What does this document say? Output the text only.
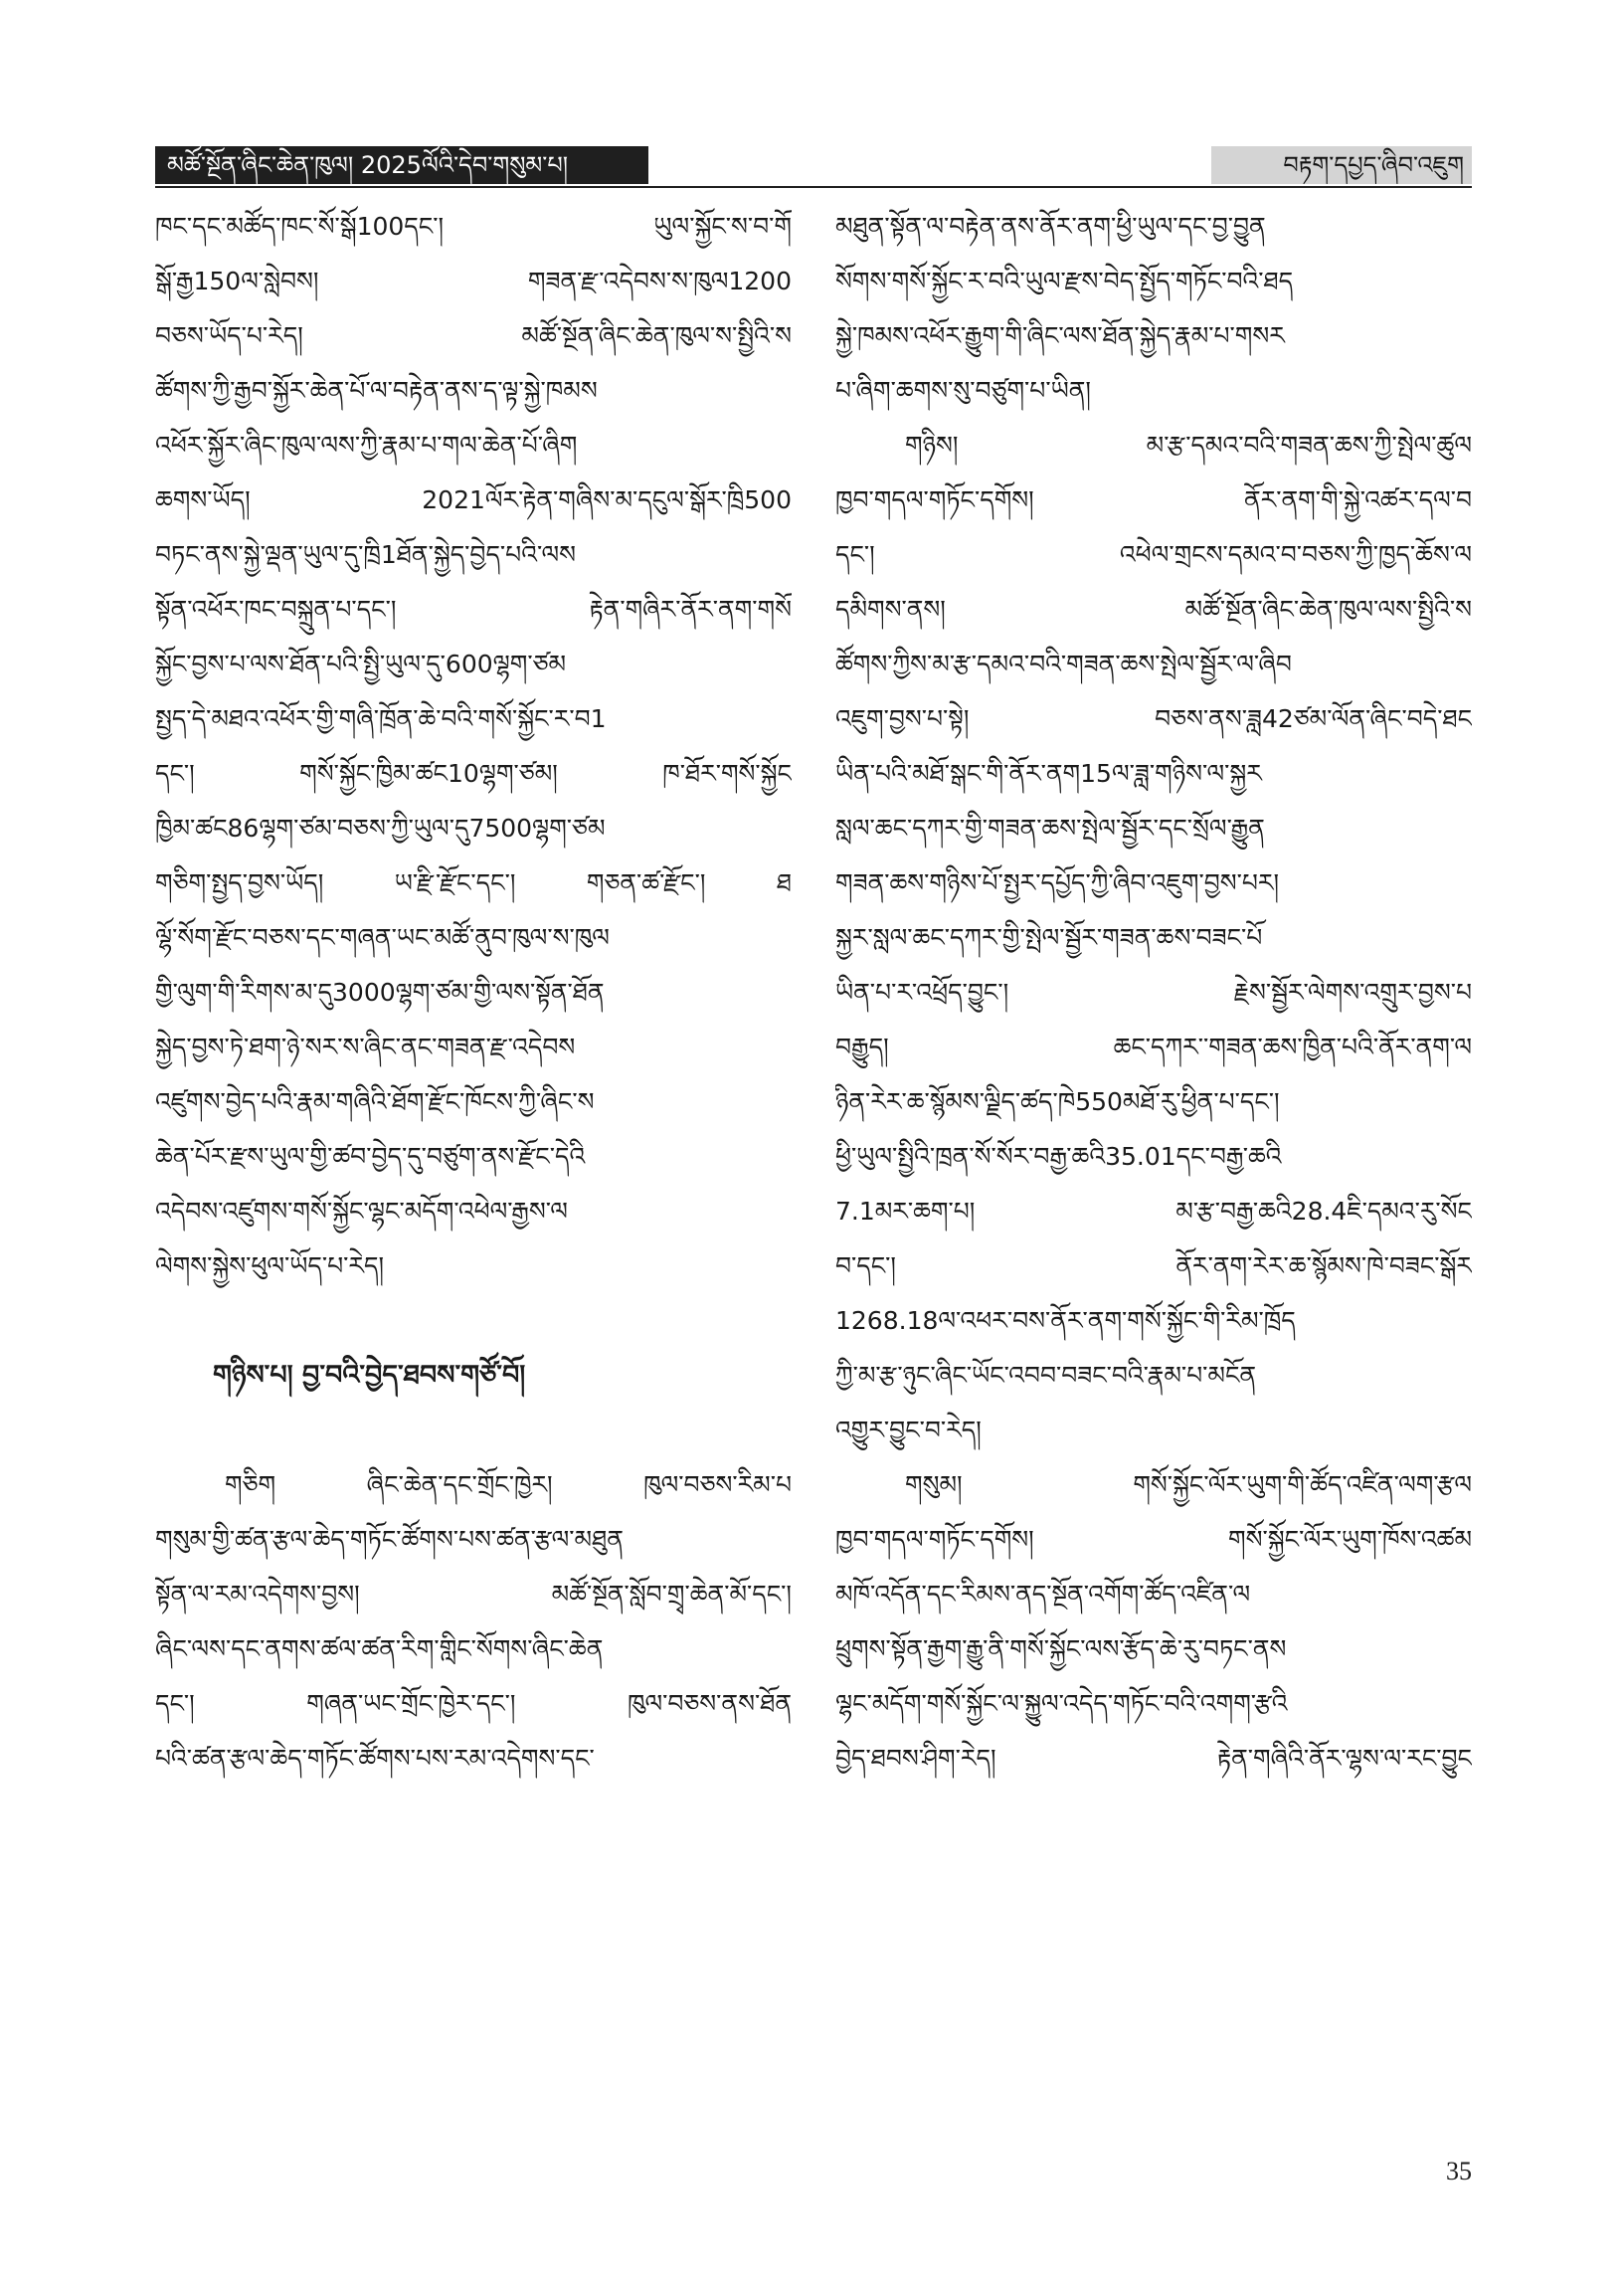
མཚོ་སྔོན་ཞིང་ཆེན་ཁུལ། 2025ལོའི་དེབ་གསུམ་པ།	བརྟག་དཔྱད་ཞིབ་འཇུག
ཁང་དང་མཚོད་ཁང་སོ་སྒོ100དང་། ཡུལ་སྐྱོང་ས་བ་གོ
སྒོ་རྒྱ150ལ་སླེབས། གཟན་རྫ་འདེབས་ས་ཁུལ1200
བཅས་ཡོད་པ་རེད། མཚོ་སྔོན་ཞིང་ཆེན་ཁུལ་ས་སྤྱིའི་ས
ཚོགས་ཀྱི་རྒྱབ་སྐྱོར་ཆེན་པོ་ལ་བརྟེན་ནས་ད་ལྟ་སྐྱེ་ཁམས
འཕོར་སྐྱོར་ཞིང་ཁུལ་ལས་ཀྱི་རྣམ་པ་གལ་ཆེན་པོ་ཞིག
ཆགས་ཡོད། 2021ལོར་རྟེན་གཞིས་མ་དངུལ་སྒོར་ཁྲི500
བཏང་ནས་སྐྱེ་ལྡན་ཡུལ་དུ་ཁྲི1ཐོན་སྐྱེད་བྱེད་པའི་ལས
སྟོན་འཕོར་ཁང་བསྐྲུན་པ་དང་། རྟེན་གཞིར་ནོར་ནག་གསོ
སྐྱོང་བྱས་པ་ལས་ཐོན་པའི་སྤྱི་ཡུལ་དུ་600ལྷག་ཙམ
སྤྱད་དེ་མཐའ་འཕོར་གྱི་གཞི་ཁྲོན་ཆེ་བའི་གསོ་སྐྱོང་ར་བ1
དང་། གསོ་སྐྱོང་ཁྱིམ་ཚང10ལྷག་ཙམ། ཁ་ཐོར་གསོ་སྐྱོང
ཁྱིམ་ཚང86ལྷག་ཙམ་བཅས་ཀྱི་ཡུལ་དུ7500ལྷག་ཙམ
གཅིག་སྤྱད་བྱས་ཡོད། ཡ་རྫི་རྫོང་དང་། གཅན་ཚ་རྫོང་། ཐ
ལྷོ་སོག་རྫོང་བཅས་དང་གཞན་ཡང་མཚོ་ནུབ་ཁུལ་ས་ཁུལ
གྱི་ལུག་གི་རིགས་མ་དུ3000ལྷག་ཙམ་གྱི་ལས་སྟོན་ཐོན
སྐྱེད་བྱས་ཏེ་ཐག་ཉེ་སར་ས་ཞིང་ནང་གཟན་རྫ་འདེབས
འཛུགས་བྱེད་པའི་རྣམ་གཞིའི་ཐོག་རྫོང་ཁོངས་ཀྱི་ཞིང་ས
ཆེན་པོར་རྫས་ཡུལ་གྱི་ཚབ་བྱེད་དུ་བཙུག་ནས་རྫོང་དེའི
འདེབས་འཛུགས་གསོ་སྐྱོང་ལྷང་མདོག་འཕེལ་རྒྱས་ལ
ལེགས་སྐྱེས་ཕུལ་ཡོད་པ་རེད།
གཉིས་པ། བྱ་བའི་བྱེད་ཐབས་གཙོ་བོ།
གཅིག ཞིང་ཆེན་དང་གྲོང་ཁྱེར། ཁུལ་བཅས་རིམ་པ
གསུམ་གྱི་ཚན་རྩལ་ཆེད་གཏོང་ཚོགས་པས་ཚན་རྩལ་མཐུན
སྟོན་ལ་རམ་འདེགས་བྱས། མཚོ་སྔོན་སློབ་གྲྭ་ཆེན་མོ་དང་།
ཞིང་ལས་དང་ནགས་ཚལ་ཚན་རིག་གླིང་སོགས་ཞིང་ཆེན
དང་། གཞན་ཡང་གྲོང་ཁྱེར་དང་། ཁུལ་བཅས་ནས་ཐོན
པའི་ཚན་རྩལ་ཆེད་གཏོང་ཚོགས་པས་རམ་འདེགས་དང་
མཐུན་སྟོན་ལ་བརྟེན་ནས་ནོར་ནག་ཕྱི་ཡུལ་དང་བྱ་བྱུན
སོགས་གསོ་སྐྱོང་ར་བའི་ཡུལ་རྫས་བེད་སྤྱོད་གཏོང་བའི་ཐད
སྐྱེ་ཁམས་འཕོར་རྒྱུག་གི་ཞིང་ལས་ཐོན་སྐྱེད་རྣམ་པ་གསར
པ་ཞིག་ཆགས་སུ་བཙུག་པ་ཡིན།
གཉིས། མ་རྩ་དམའ་བའི་གཟན་ཆས་ཀྱི་སྤེལ་ཚུལ
ཁྱབ་གདལ་གཏོང་དགོས། ནོར་ནག་གི་སྐྱེ་འཚར་དལ་བ
དང་། འཕེལ་གྲངས་དམའ་བ་བཅས་ཀྱི་ཁྱད་ཆོས་ལ
དམིགས་ནས། མཚོ་སྔོན་ཞིང་ཆེན་ཁུལ་ལས་སྤྱིའི་ས
ཚོགས་ཀྱིས་མ་རྩ་དམའ་བའི་གཟན་ཆས་སྤེལ་སྦྱོར་ལ་ཞིབ
འཇུག་བྱས་པ་སྟེ། བཅས་ནས་ཟླ42ཙམ་ལོན་ཞིང་བདེ་ཐང
ཡིན་པའི་མཐོ་སྒང་གི་ནོར་ནག15ལ་ཟླ་གཉིས་ལ་སྐྱར
སླལ་ཆང་དཀར་གྱི་གཟན་ཆས་སྤེལ་སྦྱོར་དང་སྲོལ་རྒྱུན
གཟན་ཆས་གཉིས་པོ་སྤྱར་དཔྱོད་ཀྱི་ཞིབ་འཇུག་བྱས་པར།
སྐྱར་སླལ་ཆང་དཀར་གྱི་སྤེལ་སྦྱོར་གཟན་ཆས་བཟང་པོ
ཡིན་པ་ར་འཕྲོད་བྱུང་། རྗེས་སྦྱོར་ལེགས་འགྲུར་བྱས་པ
བརྒྱུད། ཆང་དཀར་་གཟན་ཆས་ཁྱིན་པའི་ནོར་ནག་ལ
ཉིན་རེར་ཆ་སྙོམས་ལྗིད་ཚད་ཁེ550མཐོ་རུ་ཕྱིན་པ་དང་།
ཕྱི་ཡུལ་སྤྱིའི་ཁྲན་སོ་སོར་བརྒྱ་ཆའི35.01དང་བརྒྱ་ཆའི
7.1མར་ཆག་པ། མ་རྩ་བརྒྱ་ཆའི28.4ཇི་དམའ་རུ་སོང
བ་དང་། ནོར་ནག་རེར་ཆ་སྙོམས་ཁེ་བཟང་སྒོར
1268.18ལ་འཕར་བས་ནོར་ནག་གསོ་སྐྱོང་གི་རིམ་ཁྲོད
ཀྱི་མ་རྩ་ཉུང་ཞིང་ཡོང་འབབ་བཟང་བའི་རྣམ་པ་མངོན
འགྱུར་བྱུང་བ་རེད།
གསུམ། གསོ་སྐྱོང་ལོར་ཡུག་གི་ཚོད་འཛིན་ལག་རྩལ
ཁྱབ་གདལ་གཏོང་དགོས། གསོ་སྐྱོང་ལོར་ཡུག་ཁོས་འཚམ
མཁོ་འདོན་དང་རིམས་ནད་སྔོན་འགོག་ཚོད་འཛིན་ལ
ཕྲུགས་སྟོན་རྒྱག་རྒྱུ་ནི་གསོ་སྐྱོང་ལས་རྩོད་ཆེ་རུ་བཏང་ནས
ལྷང་མདོག་གསོ་སྐྱོང་ལ་སྐྱུལ་འདེད་གཏོང་བའི་འགག་རྩའི
བྱེད་ཐབས་ཤིག་རེད། རྟེན་གཞིའི་ནོར་ལྷས་ལ་རང་བྱུང
35
